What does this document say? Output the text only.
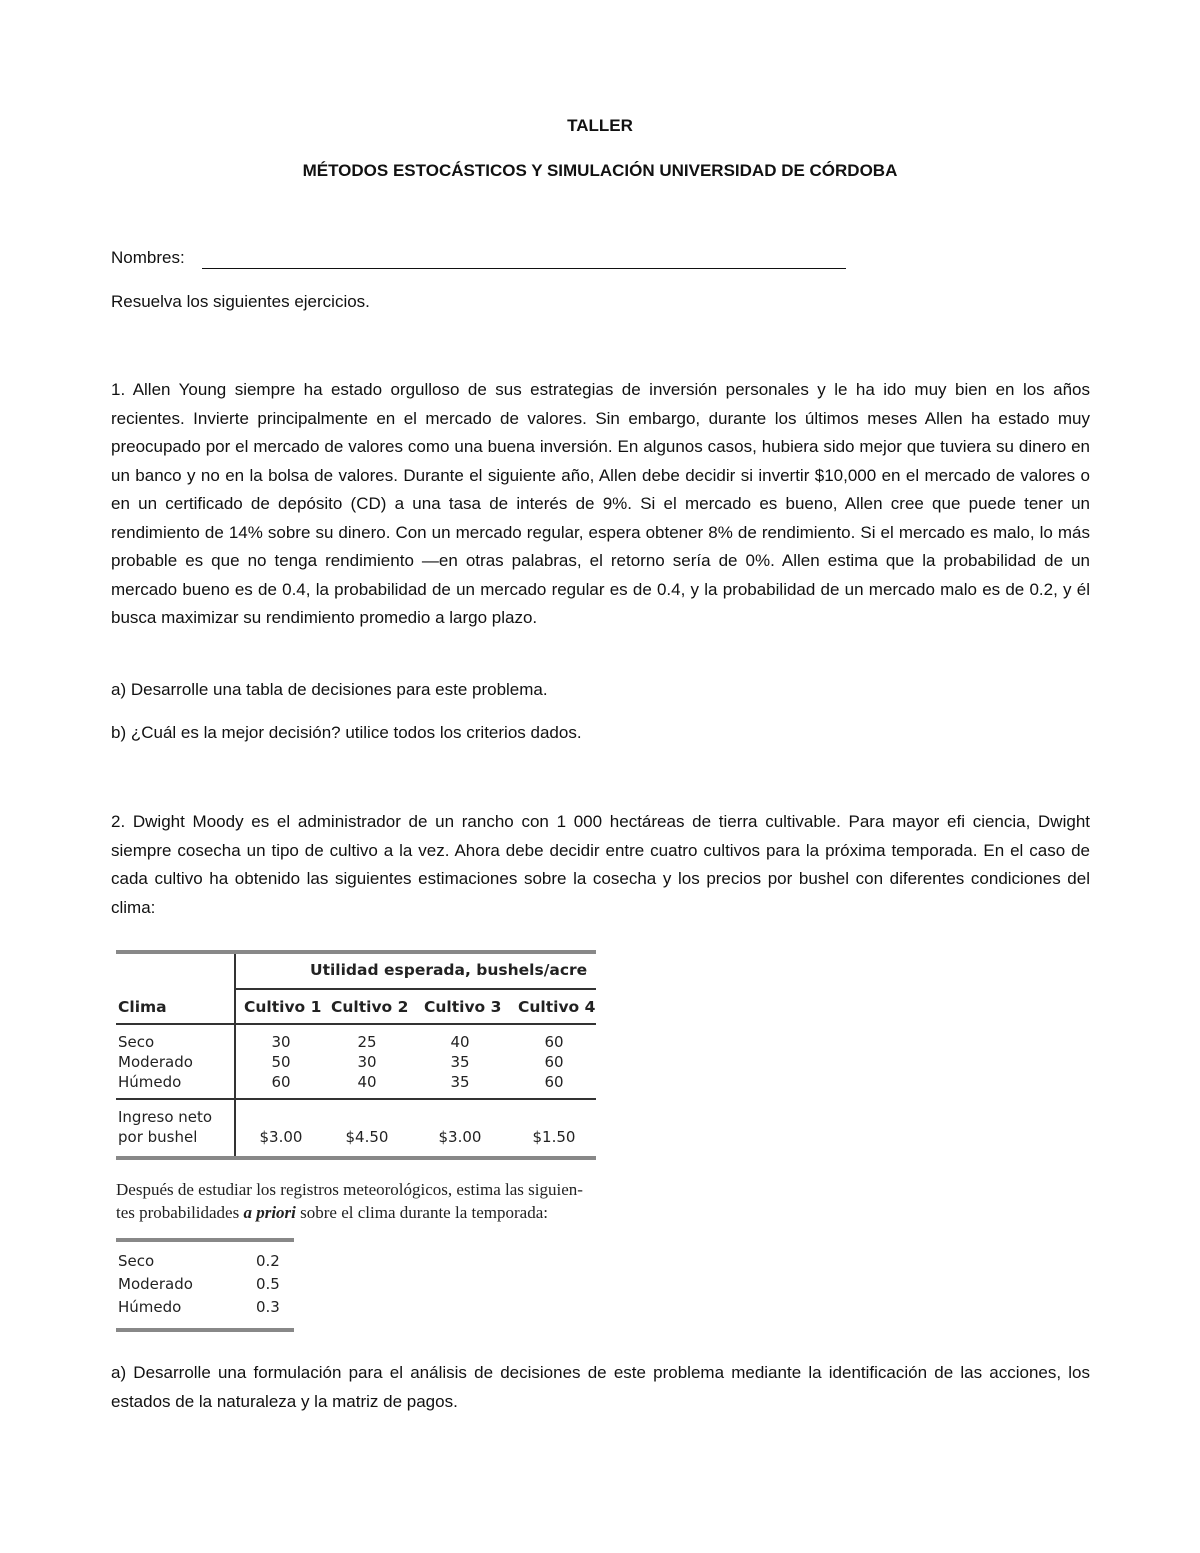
TALLER
MÉTODOS ESTOCÁSTICOS Y SIMULACIÓN UNIVERSIDAD DE CÓRDOBA
Nombres:
Resuelva los siguientes ejercicios.

1. Allen Young siempre ha estado orgulloso de sus estrategias de inversión personales y le ha ido muy bien en los años recientes. Invierte principalmente en el mercado de valores. Sin embargo, durante los últimos meses Allen ha estado muy preocupado por el mercado de valores como una buena inversión. En algunos casos, hubiera sido mejor que tuviera su dinero en un banco y no en la bolsa de valores. Durante el siguiente año, Allen debe decidir si invertir $10,000 en el mercado de valores o en un certificado de depósito (CD) a una tasa de interés de 9%. Si el mercado es bueno, Allen cree que puede tener un rendimiento de 14% sobre su dinero. Con un mercado regular, espera obtener 8% de rendimiento. Si el mercado es malo, lo más probable es que no tenga rendimiento —en otras palabras, el retorno sería de 0%. Allen estima que la probabilidad de un mercado bueno es de 0.4, la probabilidad de un mercado regular es de 0.4, y la probabilidad de un mercado malo es de 0.2, y él busca maximizar su rendimiento promedio a largo plazo.

a) Desarrolle una tabla de decisiones para este problema.

b) ¿Cuál es la mejor decisión? utilice todos los criterios dados.

2. Dwight Moody es el administrador de un rancho con 1 000 hectáreas de tierra cultivable. Para mayor efi ciencia, Dwight siempre cosecha un tipo de cultivo a la vez. Ahora debe decidir entre cuatro cultivos para la próxima temporada. En el caso de cada cultivo ha obtenido las siguientes estimaciones sobre la cosecha y los precios por bushel con diferentes condiciones del clima:

Utilidad esperada, bushels/acre
Clima	Cultivo 1 Cultivo 2 Cultivo 3 Cultivo 4
Seco	30	25	40	60
Moderado	50	30	35	60
Húmedo	60	40	35	60
Ingreso neto
por bushel	$3.00	$4.50	$3.00	$1.50

Después de estudiar los registros meteorológicos, estima las siguien-
tes probabilidades a priori sobre el clima durante la temporada:

Seco	0.2
Moderado	0.5
Húmedo	0.3

a) Desarrolle una formulación para el análisis de decisiones de este problema mediante la identificación de las acciones, los estados de la naturaleza y la matriz de pagos.
